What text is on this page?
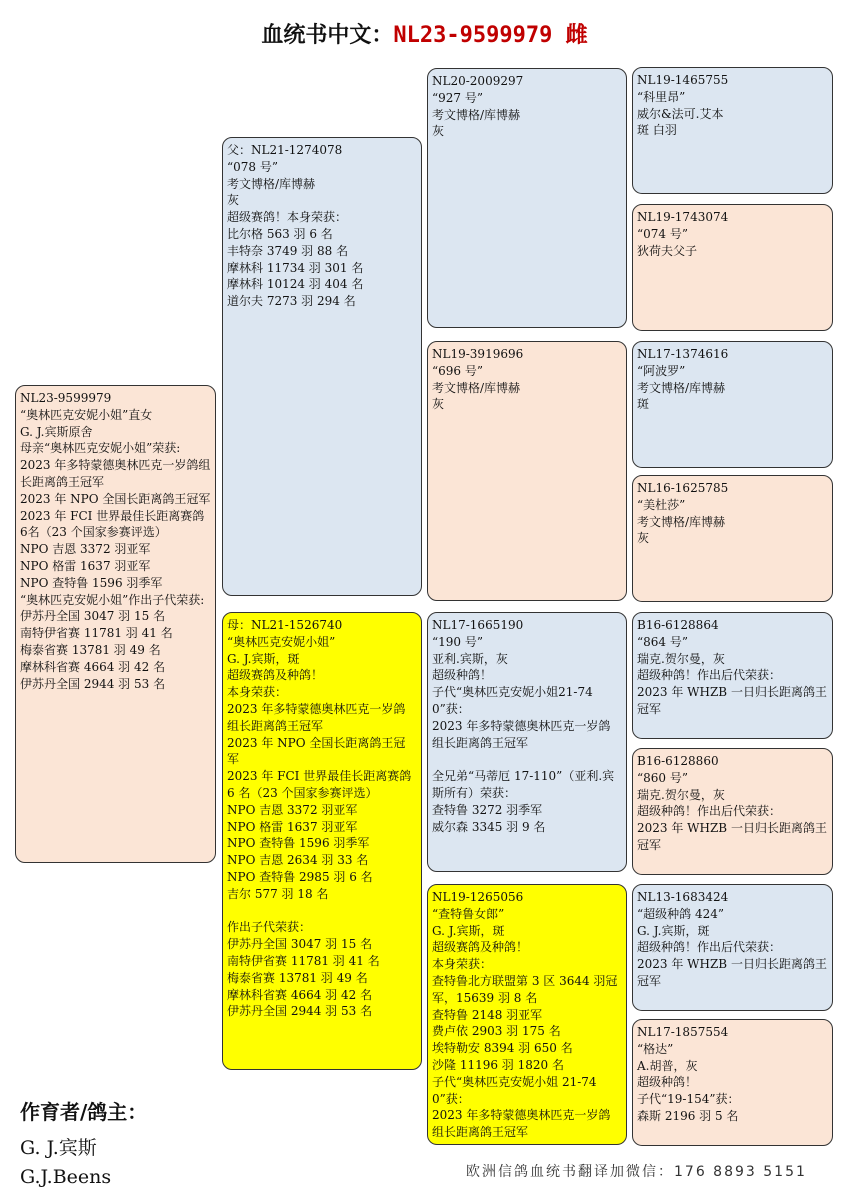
血统书中文：NL23-9599979 雌
NL23-9599979
“奥林匹克安妮小姐”直女
G. J.宾斯原舍
母亲“奥林匹克安妮小姐”荣获:
2023 年多特蒙德奥林匹克一岁鸽组长距离鸽王冠军
2023 年 NPO 全国长距离鸽王冠军
2023 年 FCI 世界最佳长距离赛鸽6名（23 个国家参赛评选）
NPO 吉恩 3372 羽亚军
NPO 格雷 1637 羽亚军
NPO 查特鲁 1596 羽季军
“奥林匹克安妮小姐”作出子代荣获:
伊苏丹全国 3047 羽 15 名
南特伊省赛 11781 羽 41 名
梅泰省赛 13781 羽 49 名
摩林科省赛 4664 羽 42 名
伊苏丹全国 2944 羽 53 名
父：NL21-1274078
“078 号”
考文博格/库博赫
灰
超级赛鸽！本身荣获：
比尔格 563 羽 6 名
丰特奈 3749 羽 88 名
摩林科 11734 羽 301 名
摩林科 10124 羽 404 名
道尔夫 7273 羽 294 名
母：NL21-1526740
“奥林匹克安妮小姐”
G. J.宾斯，斑
超级赛鸽及种鸽！
本身荣获：
2023 年多特蒙德奥林匹克一岁鸽组长距离鸽王冠军
2023 年 NPO 全国长距离鸽王冠军
2023 年 FCI 世界最佳长距离赛鸽 6 名（23 个国家参赛评选）
NPO 吉恩 3372 羽亚军
NPO 格雷 1637 羽亚军
NPO 查特鲁 1596 羽季军
NPO 吉恩 2634 羽 33 名
NPO 查特鲁 2985 羽 6 名
吉尔 577 羽 18 名
作出子代荣获：
伊苏丹全国 3047 羽 15 名
南特伊省赛 11781 羽 41 名
梅泰省赛 13781 羽 49 名
摩林科省赛 4664 羽 42 名
伊苏丹全国 2944 羽 53 名
NL20-2009297
“927 号”
考文博格/库博赫
灰
NL19-3919696
“696 号”
考文博格/库博赫
灰
NL17-1665190
“190 号”
亚利.宾斯，灰
超级种鸽！
子代“奥林匹克安妮小姐21-740”获：
2023 年多特蒙德奥林匹克一岁鸽组长距离鸽王冠军
全兄弟“马蒂厄 17-110”（亚利.宾斯所有）荣获：
查特鲁 3272 羽季军
威尔森 3345 羽 9 名
NL19-1265056
“查特鲁女郎”
G. J.宾斯，斑
超级赛鸽及种鸽！
本身荣获：
查特鲁北方联盟第 3 区 3644 羽冠军，15639 羽 8 名
查特鲁 2148 羽亚军
费卢依 2903 羽 175 名
埃特勒安 8394 羽 650 名
沙隆 11196 羽 1820 名
子代“奥林匹克安妮小姐 21-740”获：
2023 年多特蒙德奥林匹克一岁鸽组长距离鸽王冠军
NL19-1465755
“科里昂”
威尔&法可.艾本
斑 白羽
NL19-1743074
“074 号”
狄荷夫父子
NL17-1374616
“阿波罗”
考文博格/库博赫
斑
NL16-1625785
“美杜莎”
考文博格/库博赫
灰
B16-6128864
“864 号”
瑞克.贺尔曼，灰
超级种鸽！作出后代荣获：
2023 年 WHZB 一日归长距离鸽王冠军
B16-6128860
“860 号”
瑞克.贺尔曼，灰
超级种鸽！作出后代荣获：
2023 年 WHZB 一日归长距离鸽王冠军
NL13-1683424
“超级种鸽 424”
G. J.宾斯，斑
超级种鸽！作出后代荣获：
2023 年 WHZB 一日归长距离鸽王冠军
NL17-1857554
“格达”
A.胡普，灰
超级种鸽！
子代“19-154”获：
森斯 2196 羽 5 名
作育者/鸽主：
G. J.宾斯
G.J.Beens	欧洲信鸽血统书翻译加微信：176 8893 5151
